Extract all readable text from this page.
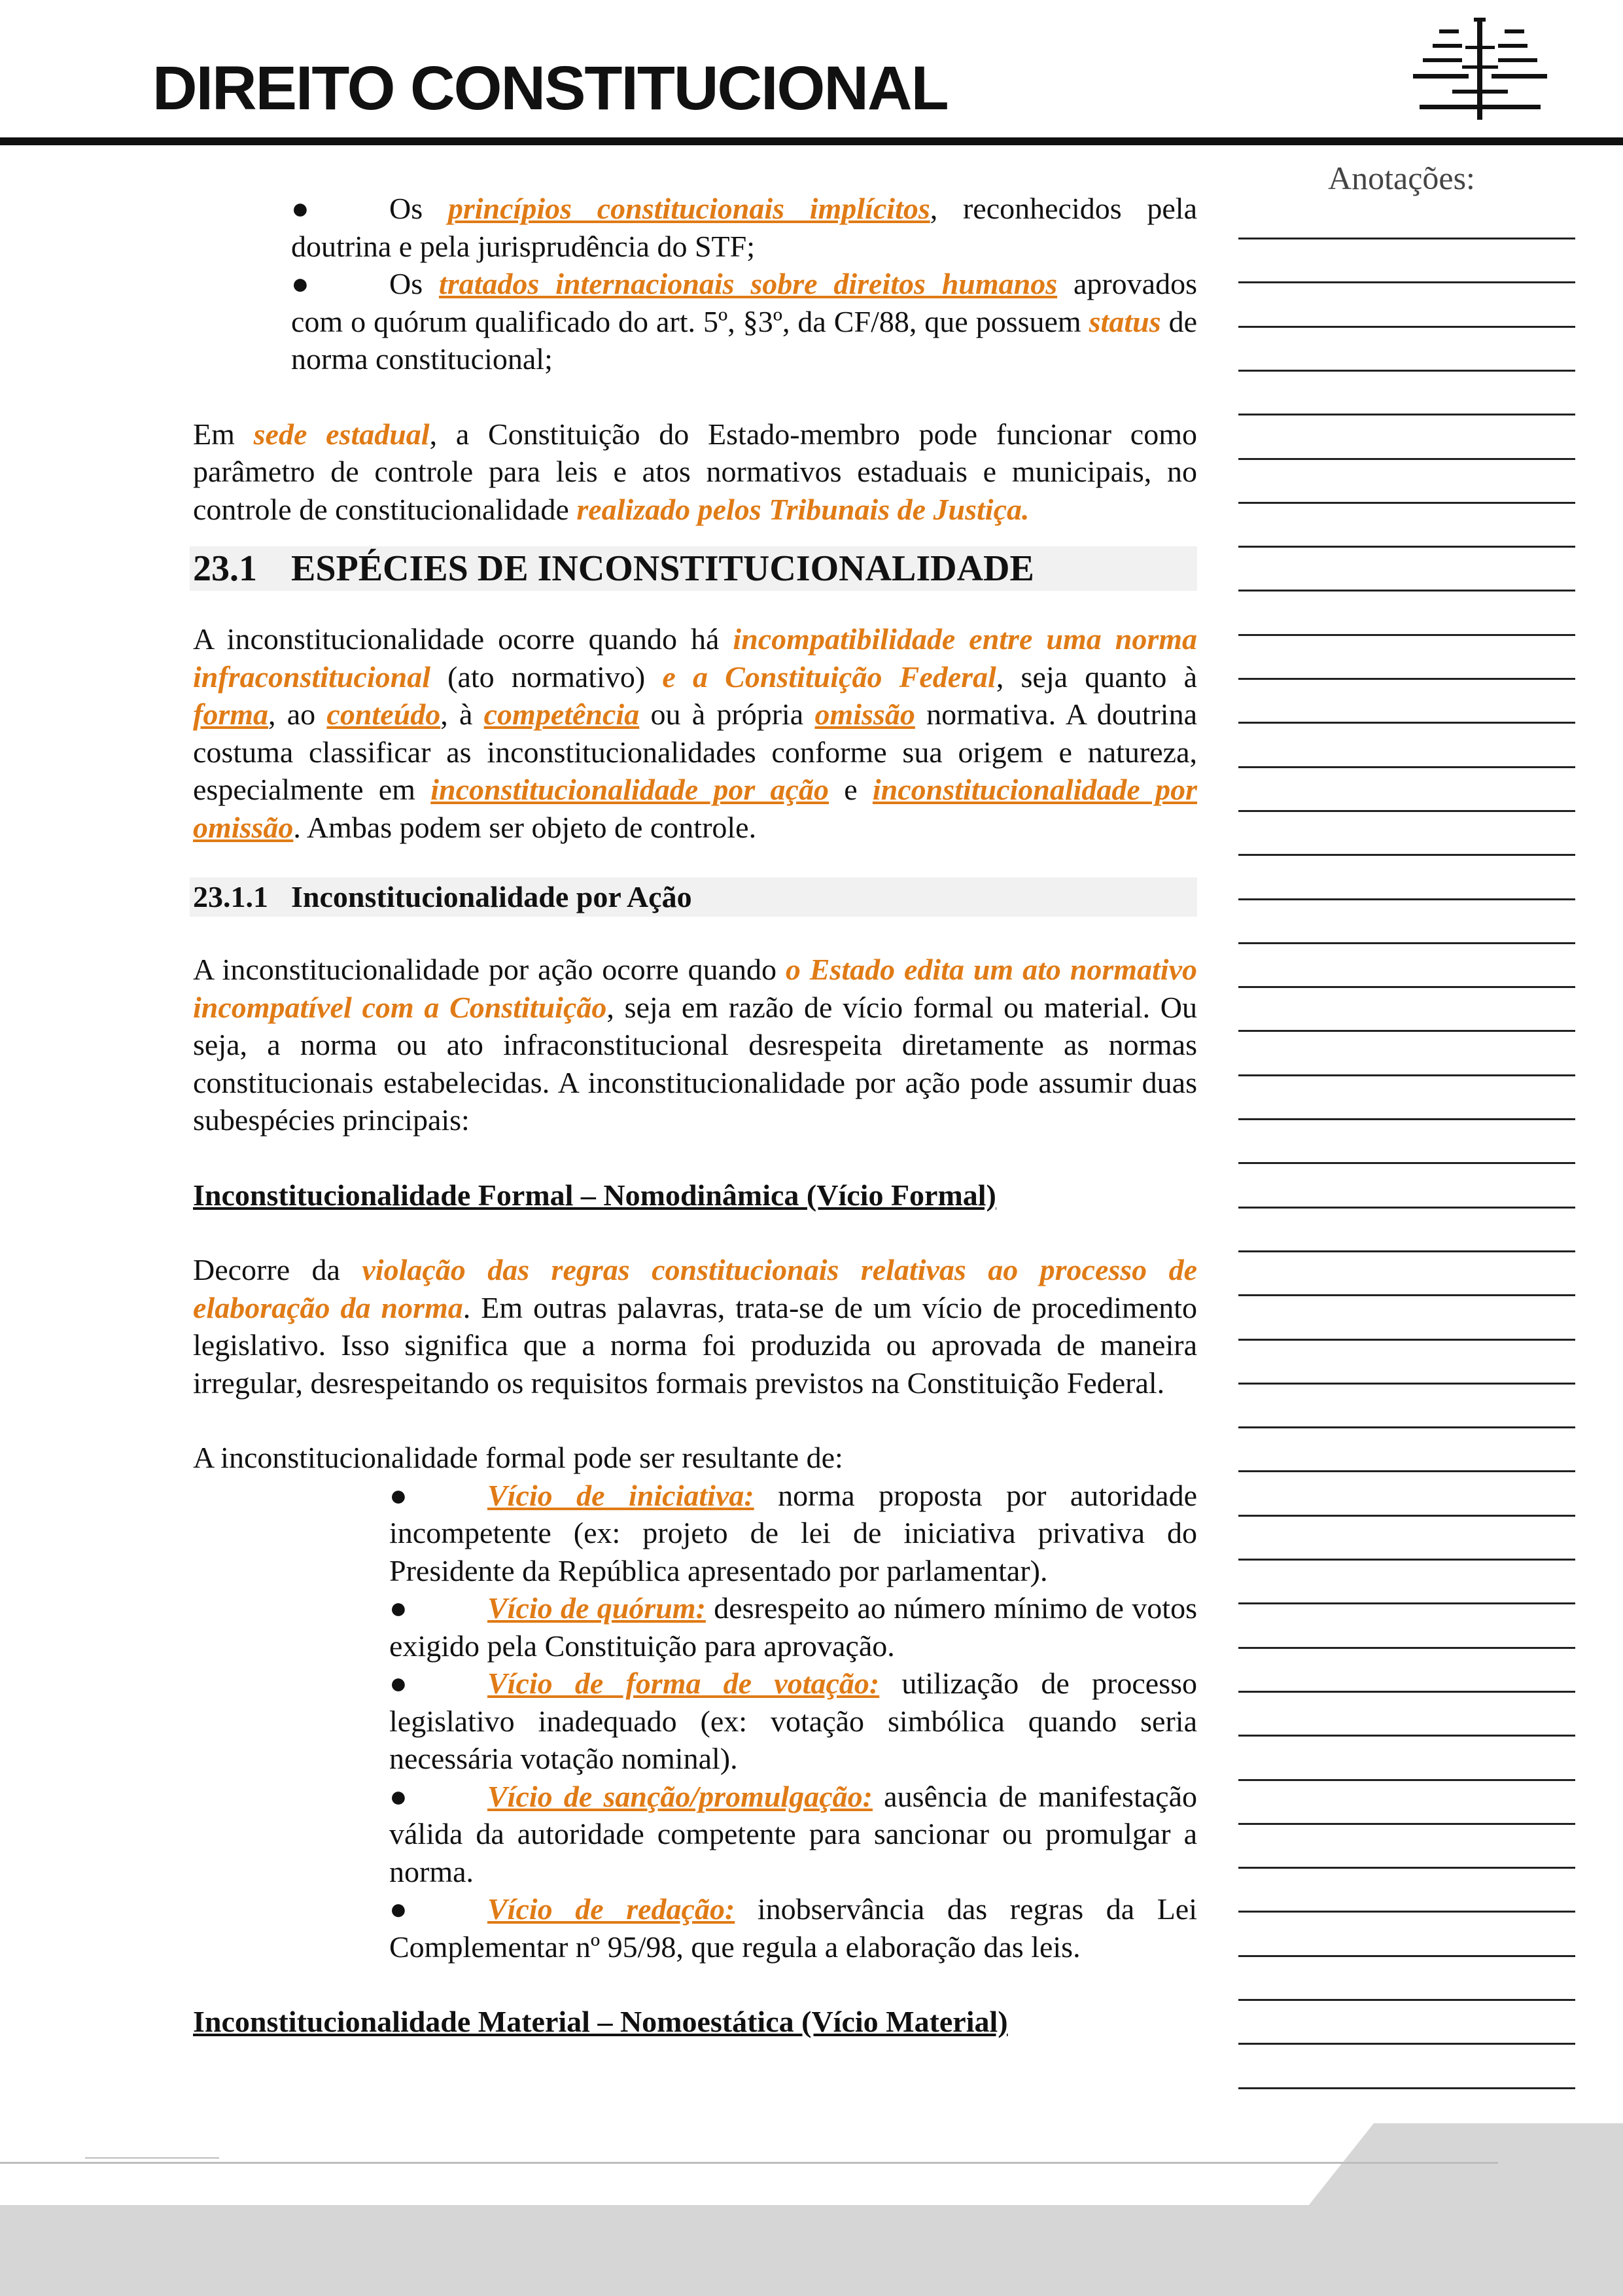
DIREITO CONSTITUCIONAL
Anotações:
●	Os princípios constitucionais implícitos, reconhecidos pela doutrina e pela jurisprudência do STF;
●	Os tratados internacionais sobre direitos humanos aprovados com o quórum qualificado do art. 5º, §3º, da CF/88, que possuem status de norma constitucional;

Em sede estadual, a Constituição do Estado-membro pode funcionar como parâmetro de controle para leis e atos normativos estaduais e municipais, no controle de constitucionalidade realizado pelos Tribunais de Justiça.

23.1 ESPÉCIES DE INCONSTITUCIONALIDADE

A inconstitucionalidade ocorre quando há incompatibilidade entre uma norma infraconstitucional (ato normativo) e a Constituição Federal, seja quanto à forma, ao conteúdo, à competência ou à própria omissão normativa. A doutrina costuma classificar as inconstitucionalidades conforme sua origem e natureza, especialmente em inconstitucionalidade por ação e inconstitucionalidade por omissão. Ambas podem ser objeto de controle.

23.1.1 Inconstitucionalidade por Ação

A inconstitucionalidade por ação ocorre quando o Estado edita um ato normativo incompatível com a Constituição, seja em razão de vício formal ou material. Ou seja, a norma ou ato infraconstitucional desrespeita diretamente as normas constitucionais estabelecidas. A inconstitucionalidade por ação pode assumir duas subespécies principais:

Inconstitucionalidade Formal – Nomodinâmica (Vício Formal)

Decorre da violação das regras constitucionais relativas ao processo de elaboração da norma. Em outras palavras, trata-se de um vício de procedimento legislativo. Isso significa que a norma foi produzida ou aprovada de maneira irregular, desrespeitando os requisitos formais previstos na Constituição Federal.

A inconstitucionalidade formal pode ser resultante de:

●	Vício de iniciativa: norma proposta por autoridade incompetente (ex: projeto de lei de iniciativa privativa do Presidente da República apresentado por parlamentar).
●	Vício de quórum: desrespeito ao número mínimo de votos exigido pela Constituição para aprovação.
●	Vício de forma de votação: utilização de processo legislativo inadequado (ex: votação simbólica quando seria necessária votação nominal).
●	Vício de sanção/promulgação: ausência de manifestação válida da autoridade competente para sancionar ou promulgar a norma.
●	Vício de redação: inobservância das regras da Lei Complementar nº 95/98, que regula a elaboração das leis.

Inconstitucionalidade Material – Nomoestática (Vício Material)
